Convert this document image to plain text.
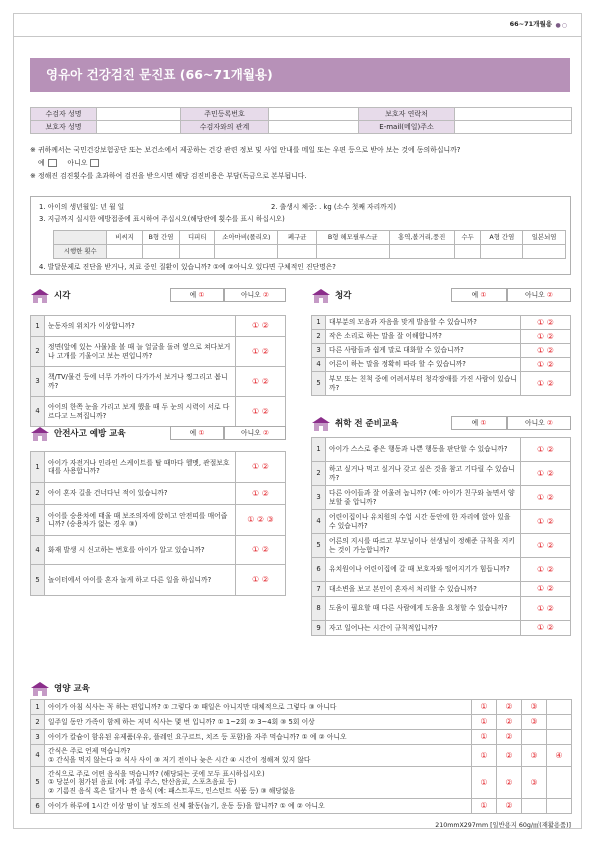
66~71개월용 ●○
영유아 건강검진 문진표 (66~71개월용)
수검자 성명		주민등록번호		보호자 연락처	
보호자 성명		수검자와의 관계		E-mail(메일)주소	
※ 귀하께서는 국민건강보험공단 또는 보건소에서 제공하는 건강 관련 정보 및 사업 안내를 메일 또는 우편 등으로 받아 보는 것에 동의하십니까?
예	아니오
※ 정해진 검진횟수를 초과하여 검진을 받으시면 해당 검진비용은 부담(독금으로 본부됩니다.
1. 아이의 생년월일: 년 월 일	2. 출생시 체중: . kg (소수 첫째 자리까지)
3. 지금까지 실시한 예방접종에 표시하여 주십시오(해당란에 횟수를 표시 하십시오)
	비씨지	B형 간염	디피티	소아마비(폴리오)	폐구균	B형 헤모필루스균	홍역,볼거리,풍진	수두	A형 간염	일본뇌염
시행한 횟수										
4. 발달문제로 진단을 받거나, 치료 중인 질환이 있습니까? ①예 ②아니오 있다면 구체적인 진단명은?
시각	예 ①	아니오 ②
1	눈동자의 위치가 이상합니까?	① ②
2	정면(앞에 있는 사물)을 볼 때 늘 얼굴을 돌려 옆으로 쳐다보거나 고개를 기울이고 보는 편입니까?	① ②
3	책/TV/물건 등에 너무 가까이 다가가서 보거나 찡그리고 봅니까?	① ②
4	아이의 한쪽 눈을 가리고 보게 했을 때 두 눈의 시력이 서로 다르다고 느껴집니까?	① ②
안전사고 예방 교육	예 ①	아니오 ②
1	아이가 자전거나 인라인 스케이트를 탈 때마다 헬멧, 관절보호대를 사용합니까?	① ②
2	아이 혼자 길을 건너다닌 적이 있습니까?	① ②
3	아이를 승용차에 태울 때 보조의자에 앉히고 안전띠를 매어줍니까? (승용차가 없는 경우 ③)	① ② ③
4	화재 발생 시 신고하는 번호를 아이가 알고 있습니까?	① ②
5	놀이터에서 아이를 혼자 놀게 하고 다른 일을 하십니까?	① ②
청각	예 ①	아니오 ②
1	대부분의 모음과 자음을 맞게 발음할 수 있습니까?	① ②
2	작은 소리로 하는 말을 잘 이해합니까?	① ②
3	다른 사람들과 쉽게 말로 대화할 수 있습니까?	① ②
4	어른이 하는 말을 정확히 따라 할 수 있습니까?	① ②
5	부모 또는 친척 중에 어려서부터 청각장애를 가진 사람이 있습니까?	① ②
취학 전 준비교육	예 ①	아니오 ②
1	아이가 스스로 좋은 행동과 나쁜 행동을 판단할 수 있습니까?	① ②
2	하고 싶거나 먹고 싶거나 갖고 싶은 것을 참고 기다릴 수 있습니까?	① ②
3	다른 아이들과 잘 어울려 놉니까? (예: 아이가 친구와 놀면서 양보할 줄 압니까?	① ②
4	어린이집이나 유치원의 수업 시간 동안에 한 자리에 앉아 있을 수 있습니까?	① ②
5	어른의 지시를 따르고 부모님이나 선생님이 정해준 규칙을 지키는 것이 가능합니까?	① ②
6	유치원이나 어린이집에 갈 때 보호자와 떨어지기가 힘듭니까?	① ②
7	대소변을 보고 본인이 혼자서 처리할 수 있습니까?	① ②
8	도움이 필요할 때 다른 사람에게 도움을 요청할 수 있습니까?	① ②
9	자고 일어나는 시간이 규칙적입니까?	① ②
영양 교육
1	아이가 아침 식사는 꼭 하는 편입니까? ① 그렇다 ② 때일은 아니지만 대체적으로 그렇다 ③ 아니다	①	②	③	
2	일주일 동안 가족이 함께 하는 저녁 식사는 몇 번 입니까? ① 1~2회 ② 3~4회 ③ 5회 이상	①	②	③	
3	아이가 칼슘이 함유된 유제품(우유, 플레인 요구르트, 치즈 등 포함)을 자주 먹습니까? ① 예 ② 아니오	①	②		
4	간식은 주로 언제 먹습니까?
① 간식을 먹지 않는다 ② 식사 사이 ③ 저기 전이나 늦은 시간 ④ 시간이 정해져 있지 않다	①	②	③	④
5	간식으로 주로 어떤 음식을 먹습니까? (해당되는 곳에 모두 표시하십시오)
① 당분이 첨가된 음료 (예: 과일 주스, 탄산음료, 스포츠음료 등)
② 기름진 음식 혹은 달거나 짠 음식 (예: 패스트푸드, 인스턴트 식품 등) ③ 해당없음	①	②	③	
6	아이가 하루에 1시간 이상 땀이 날 정도의 신체 활동(놀기, 운동 등)을 합니까? ① 예 ② 아니오	①	②		
210mmX297mm [일반용지 60g/㎡(재활용품)]
